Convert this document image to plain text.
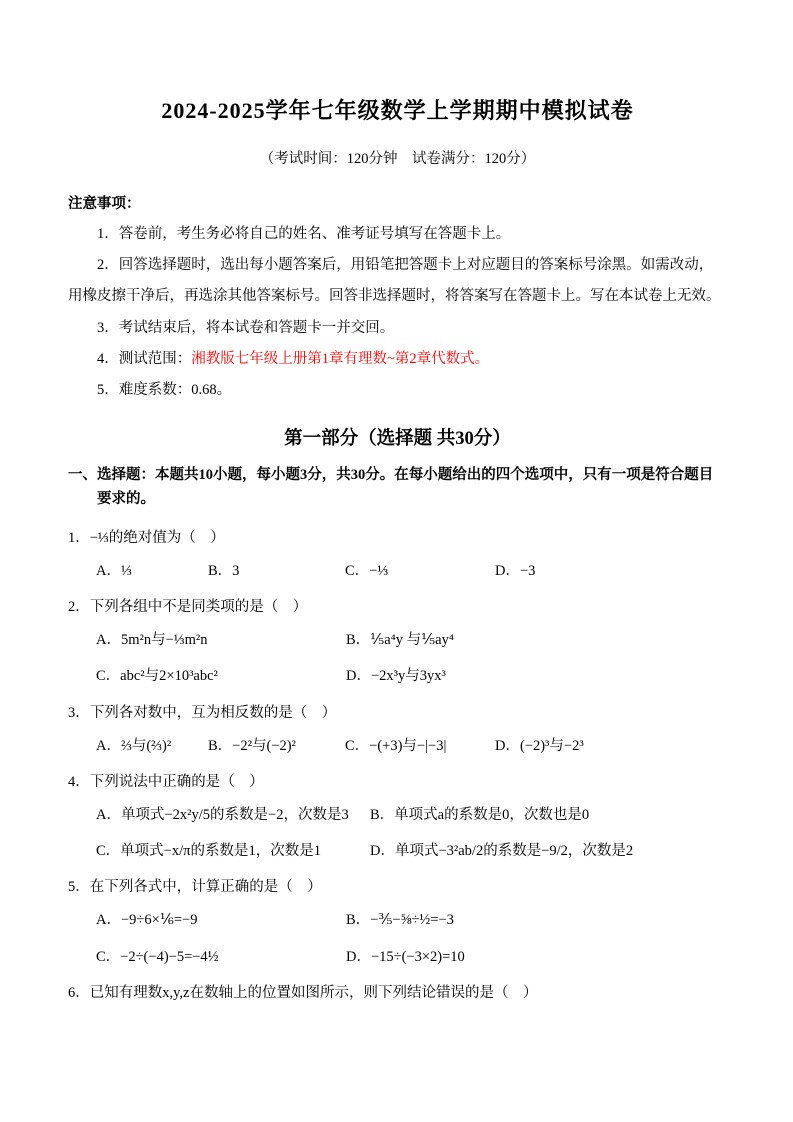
2024-2025学年七年级数学上学期期中模拟试卷
（考试时间：120分钟　试卷满分：120分）
注意事项：

1．答卷前，考生务必将自己的姓名、准考证号填写在答题卡上。

2．回答选择题时，选出每小题答案后，用铅笔把答题卡上对应题目的答案标号涂黑。如需改动，用橡皮擦干净后，再选涂其他答案标号。回答非选择题时，将答案写在答题卡上。写在本试卷上无效。

3．考试结束后，将本试卷和答题卡一并交回。

4．测试范围：湘教版七年级上册第1章有理数~第2章代数式。

5．难度系数：0.68。

第一部分（选择题 共30分）

一、选择题：本题共10小题，每小题3分，共30分。在每小题给出的四个选项中，只有一项是符合题目要求的。

1．−⅓的绝对值为（　）

A．⅓	B．3	C．−⅓	D．−3

2．下列各组中不是同类项的是（　）

A．5m²n与−⅓m²n	B．⅕a⁴y 与⅕ay⁴
C．abc²与2×10³abc²	D．−2x³y与3yx³

3．下列各对数中，互为相反数的是（　）

A．⅔与(⅔)²	B．−2²与(−2)²	C．−(+3)与−|−3|	D．(−2)³与−2³

4．下列说法中正确的是（　）

A．单项式−2x²y/5的系数是−2，次数是3	B．单项式a的系数是0，次数也是0
C．单项式−x/π的系数是1，次数是1	D．单项式−3²ab/2的系数是−9/2，次数是2

5．在下列各式中，计算正确的是（　）

A．−9÷6×⅙=−9	B．−⅗−⅝÷½=−3
C．−2÷(−4)−5=−4½	D．−15÷(−3×2)=10

6．已知有理数x,y,z在数轴上的位置如图所示，则下列结论错误的是（　）
